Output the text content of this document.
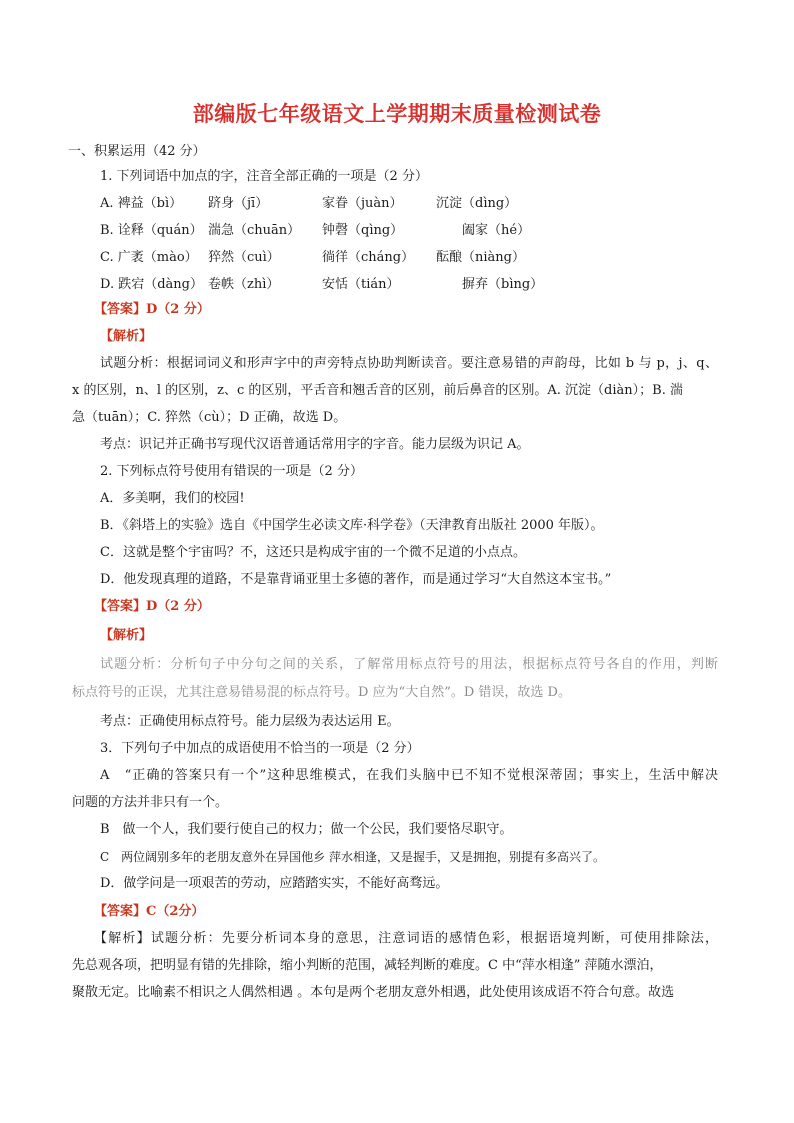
部编版七年级语文上学期期末质量检测试卷
一、积累运用（42 分）
1. 下列词语中加点的字，注音全部正确的一项是（2 分）
A. 裨益（bì） 跻身（jī）	家眷（juàn）	沉淀（dìng）
B. 诠释（quán） 湍急（chuān） 钟磬（qìng）	阖家（hé）
C. 广袤（mào） 猝然（cuì）	徜徉（cháng） 酝酿（niàng）
D. 跌宕（dàng） 卷帙（zhì）	安恬（tián）	摒弃（bìng）
【答案】D（2 分）
【解析】
试题分析：根据词词义和形声字中的声旁特点协助判断读音。要注意易错的声韵母，比如 b 与 p，j、q、
x 的区别，n、l 的区别，z、c 的区别，平舌音和翘舌音的区别，前后鼻音的区别。A. 沉淀（diàn）；B. 湍
急（tuān）；C. 猝然（cù）；D 正确，故选 D。
考点：识记并正确书写现代汉语普通话常用字的字音。能力层级为识记 A。
2. 下列标点符号使用有错误的一项是（2 分）
A．多美啊，我们的校园!
B．《斜塔上的实验》选自《中国学生必读文库·科学卷》（天津教育出版社 2000 年版）。
C．这就是整个宇宙吗？不，这还只是构成宇宙的一个微不足道的小点点。
D．他发现真理的道路，不是靠背诵亚里士多德的著作，而是通过学习“大自然这本宝书。”
【答案】D（2 分）
【解析】
试题分析：分析句子中分句之间的关系，了解常用标点符号的用法，根据标点符号各自的作用，判断
标点符号的正误，尤其注意易错易混的标点符号。D 应为“大自然”。D 错误，故选 D。
考点：正确使用标点符号。能力层级为表达运用 E。
3．下列句子中加点的成语使用不恰当的一项是（2 分）
A　“正确的答案只有一个”这种思维模式，在我们头脑中已不知不觉根深蒂固；事实上，生活中解决
问题的方法并非只有一个。
B　做一个人，我们要行使自己的权力；做一个公民，我们要恪尽职守。
C　两位阔别多年的老朋友意外在异国他乡 萍水相逢，又是握手，又是拥抱，别提有多高兴了。
D．做学问是一项艰苦的劳动，应踏踏实实，不能好高骛远。
【答案】C（2分）
【解析】试题分析：先要分析词本身的意思，注意词语的感情色彩，根据语境判断，可使用排除法，
先总观各项，把明显有错的先排除，缩小判断的范围，减轻判断的难度。C 中“萍水相逢” 萍随水漂泊，
聚散无定。比喻素不相识之人偶然相遇 。本句是两个老朋友意外相遇，此处使用该成语不符合句意。故选
